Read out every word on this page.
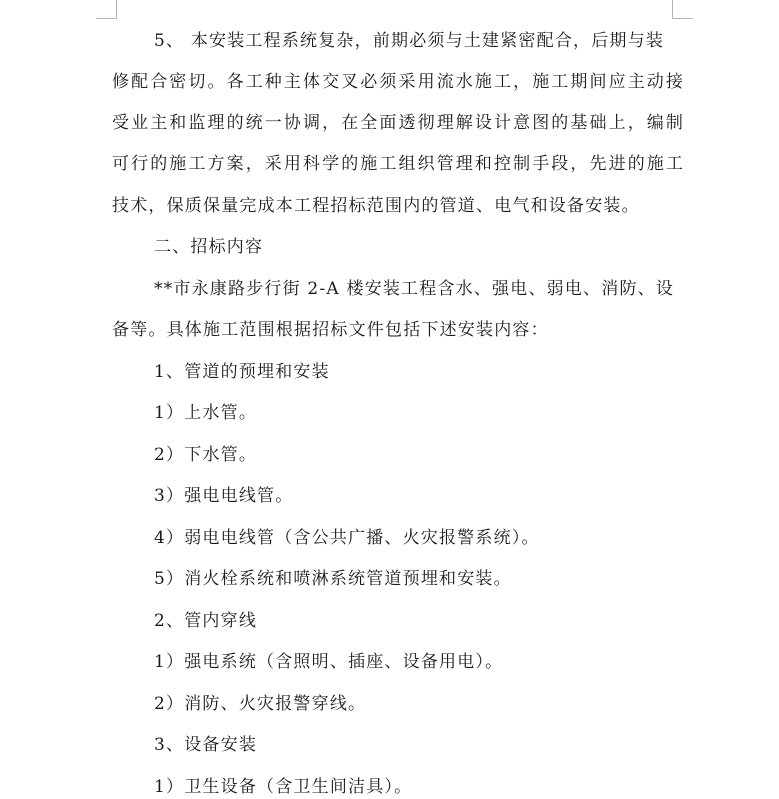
5、 本安装工程系统复杂，前期必须与土建紧密配合，后期与装
修配合密切。各工种主体交叉必须采用流水施工，施工期间应主动接
受业主和监理的统一协调，在全面透彻理解设计意图的基础上，编制
可行的施工方案，采用科学的施工组织管理和控制手段，先进的施工
技术，保质保量完成本工程招标范围内的管道、电气和设备安装。
二、招标内容
**市永康路步行街 2-A 楼安装工程含水、强电、弱电、消防、设
备等。具体施工范围根据招标文件包括下述安装内容：
1、管道的预埋和安装
1）上水管。
2）下水管。
3）强电电线管。
4）弱电电线管（含公共广播、火灾报警系统）。
5）消火栓系统和喷淋系统管道预埋和安装。
2、管内穿线
1）强电系统（含照明、插座、设备用电）。
2）消防、火灾报警穿线。
3、设备安装
1）卫生设备（含卫生间洁具）。
